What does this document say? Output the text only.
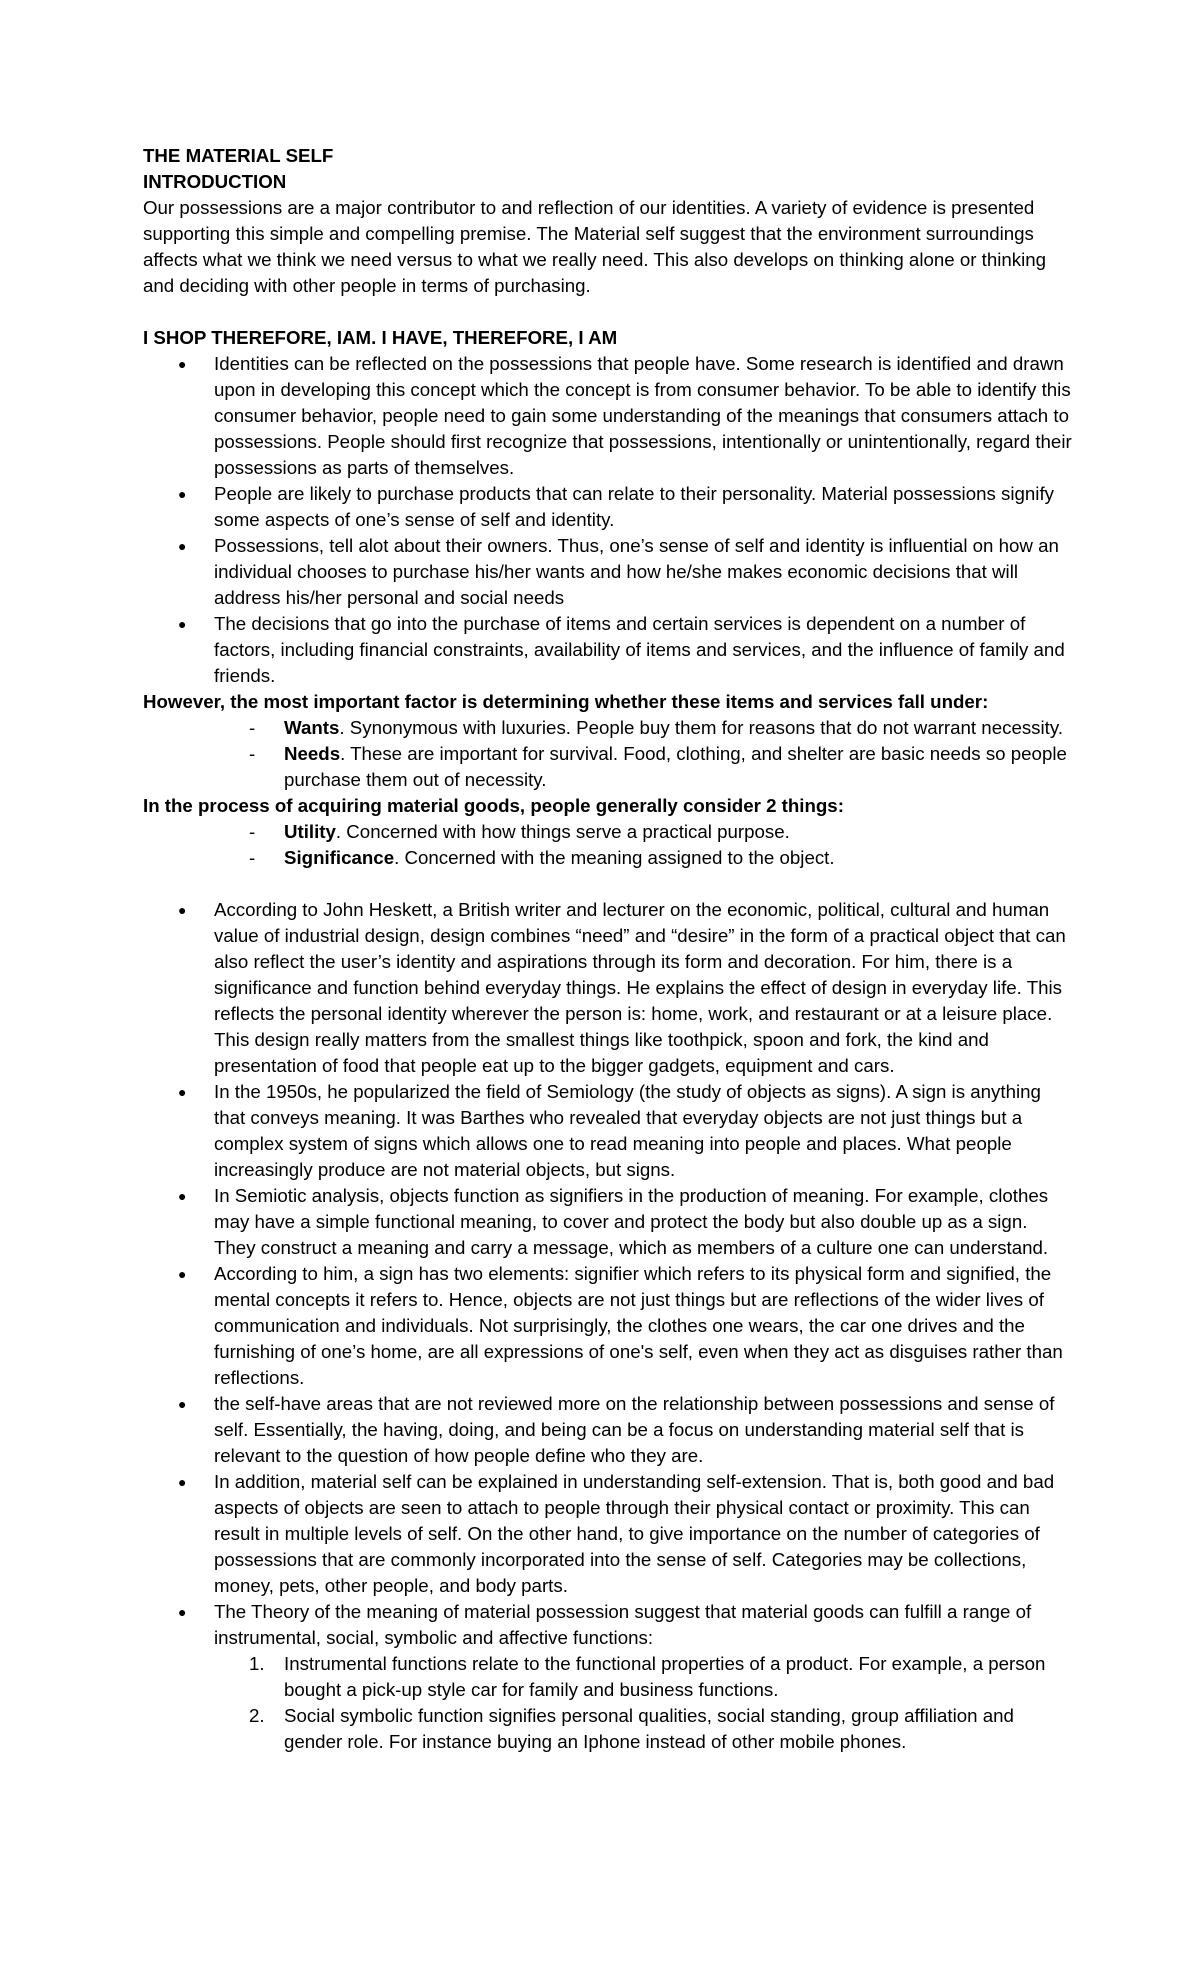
THE MATERIAL SELF

INTRODUCTION

Our possessions are a major contributor to and reflection of our identities. A variety of evidence is presented supporting this simple and compelling premise. The Material self suggest that the environment surroundings affects what we think we need versus to what we really need. This also develops on thinking alone or thinking and deciding with other people in terms of purchasing.

I SHOP THEREFORE, IAM. I HAVE, THEREFORE, I AM

● Identities can be reflected on the possessions that people have. Some research is identified and drawn upon in developing this concept which the concept is from consumer behavior. To be able to identify this consumer behavior, people need to gain some understanding of the meanings that consumers attach to possessions. People should first recognize that possessions, intentionally or unintentionally, regard their possessions as parts of themselves.
● People are likely to purchase products that can relate to their personality. Material possessions signify some aspects of one’s sense of self and identity.
● Possessions, tell alot about their owners. Thus, one’s sense of self and identity is influential on how an individual chooses to purchase his/her wants and how he/she makes economic decisions that will address his/her personal and social needs
● The decisions that go into the purchase of items and certain services is dependent on a number of factors, including financial constraints, availability of items and services, and the influence of family and friends.

However, the most important factor is determining whether these items and services fall under:

- Wants. Synonymous with luxuries. People buy them for reasons that do not warrant necessity.
- Needs. These are important for survival. Food, clothing, and shelter are basic needs so people purchase them out of necessity.

In the process of acquiring material goods, people generally consider 2 things:

- Utility. Concerned with how things serve a practical purpose.
- Significance. Concerned with the meaning assigned to the object.
● According to John Heskett, a British writer and lecturer on the economic, political, cultural and human value of industrial design, design combines “need” and “desire” in the form of a practical object that can also reflect the user’s identity and aspirations through its form and decoration. For him, there is a significance and function behind everyday things. He explains the effect of design in everyday life. This reflects the personal identity wherever the person is: home, work, and restaurant or at a leisure place. This design really matters from the smallest things like toothpick, spoon and fork, the kind and presentation of food that people eat up to the bigger gadgets, equipment and cars.
● In the 1950s, he popularized the field of Semiology (the study of objects as signs). A sign is anything that conveys meaning. It was Barthes who revealed that everyday objects are not just things but a complex system of signs which allows one to read meaning into people and places. What people increasingly produce are not material objects, but signs.
● In Semiotic analysis, objects function as signifiers in the production of meaning. For example, clothes may have a simple functional meaning, to cover and protect the body but also double up as a sign. They construct a meaning and carry a message, which as members of a culture one can understand.
● According to him, a sign has two elements: signifier which refers to its physical form and signified, the mental concepts it refers to. Hence, objects are not just things but are reflections of the wider lives of communication and individuals. Not surprisingly, the clothes one wears, the car one drives and the furnishing of one’s home, are all expressions of one's self, even when they act as disguises rather than reflections.
● the self-have areas that are not reviewed more on the relationship between possessions and sense of self. Essentially, the having, doing, and being can be a focus on understanding material self that is relevant to the question of how people define who they are.
● In addition, material self can be explained in understanding self-extension. That is, both good and bad aspects of objects are seen to attach to people through their physical contact or proximity. This can result in multiple levels of self. On the other hand, to give importance on the number of categories of possessions that are commonly incorporated into the sense of self. Categories may be collections, money, pets, other people, and body parts.
● The Theory of the meaning of material possession suggest that material goods can fulfill a range of instrumental, social, symbolic and affective functions:
1. Instrumental functions relate to the functional properties of a product. For example, a person bought a pick-up style car for family and business functions.
2. Social symbolic function signifies personal qualities, social standing, group affiliation and gender role. For instance buying an Iphone instead of other mobile phones.
